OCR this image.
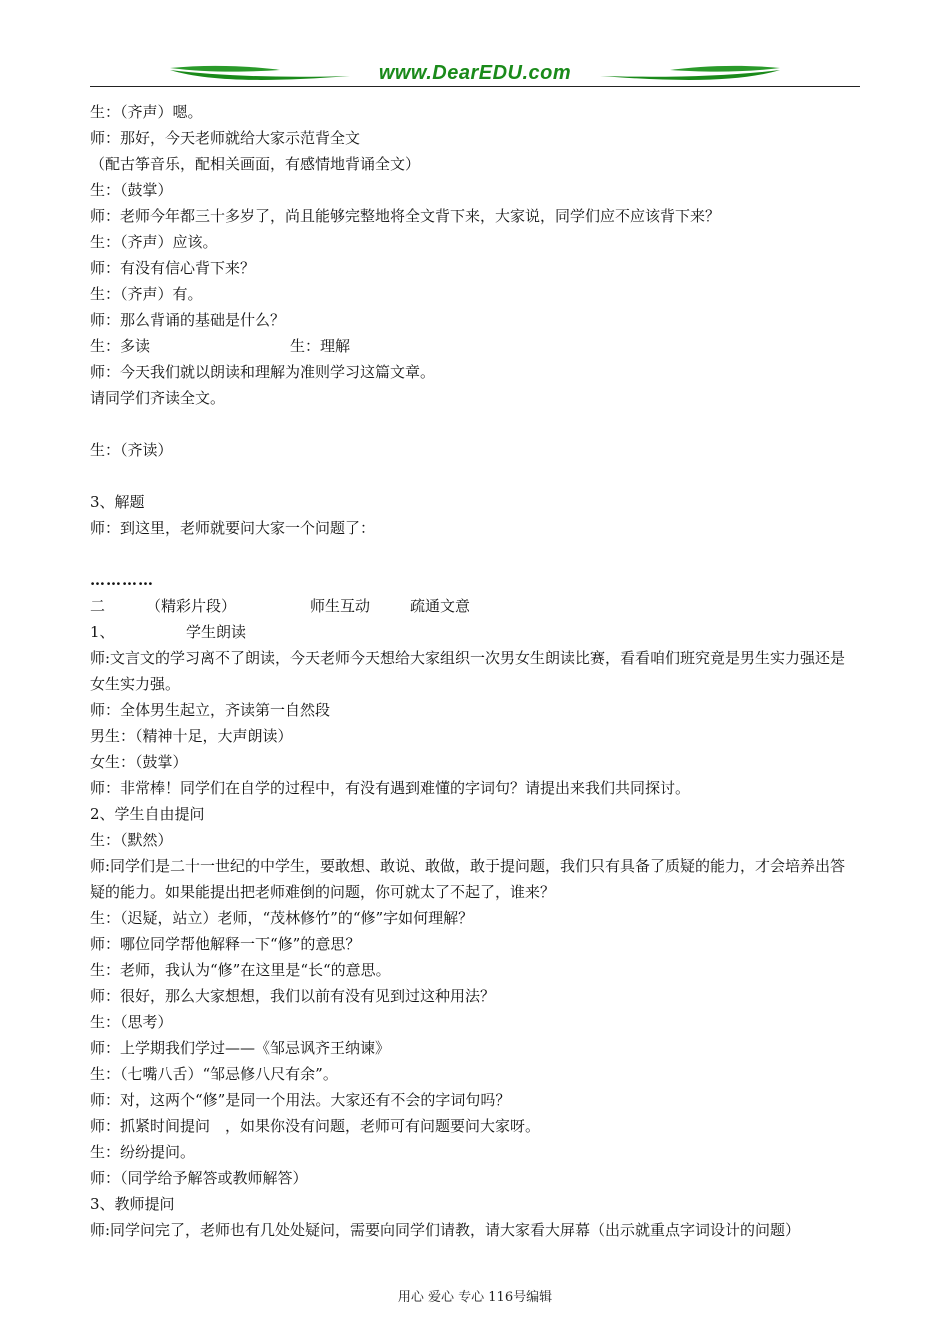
www.DearEDU.com
生：（齐声）嗯。
师：那好，今天老师就给大家示范背全文
（配古筝音乐，配相关画面，有感情地背诵全文）
生：（鼓掌）
师：老师今年都三十多岁了，尚且能够完整地将全文背下来，大家说，同学们应不应该背下来？
生：（齐声）应该。
师：有没有信心背下来？
生：（齐声）有。
师：那么背诵的基础是什么？
生：多读	生：理解
师：今天我们就以朗读和理解为准则学习这篇文章。
请同学们齐读全文。
生：（齐读）
3、解题
师：到这里，老师就要问大家一个问题了：
…………
二	（精彩片段）	师生互动	疏通文意
1、	学生朗读
师:文言文的学习离不了朗读，今天老师今天想给大家组织一次男女生朗读比赛，看看咱们班究竟是男生实力强还是女生实力强。
师：全体男生起立，齐读第一自然段
男生：（精神十足，大声朗读）
女生：（鼓掌）
师：非常棒！同学们在自学的过程中，有没有遇到难懂的字词句？请提出来我们共同探讨。
2、学生自由提问
生：（默然）
师:同学们是二十一世纪的中学生，要敢想、敢说、敢做，敢于提问题，我们只有具备了质疑的能力，才会培养出答疑的能力。如果能提出把老师难倒的问题，你可就太了不起了，谁来？
生：（迟疑，站立）老师，“茂林修竹”的“修”字如何理解？
师：哪位同学帮他解释一下“修”的意思？
生：老师，我认为“修”在这里是“长“的意思。
师：很好，那么大家想想，我们以前有没有见到过这种用法？
生：（思考）
师：上学期我们学过——《邹忌讽齐王纳谏》
生：（七嘴八舌）“邹忌修八尺有余”。
师：对，这两个“修”是同一个用法。大家还有不会的字词句吗？
师：抓紧时间提问　，如果你没有问题，老师可有问题要问大家呀。
生：纷纷提问。
师：（同学给予解答或教师解答）
3、教师提问
师:同学问完了，老师也有几处处疑问，需要向同学们请教，请大家看大屏幕（出示就重点字词设计的问题）
用心 爱心 专心 116号编辑
